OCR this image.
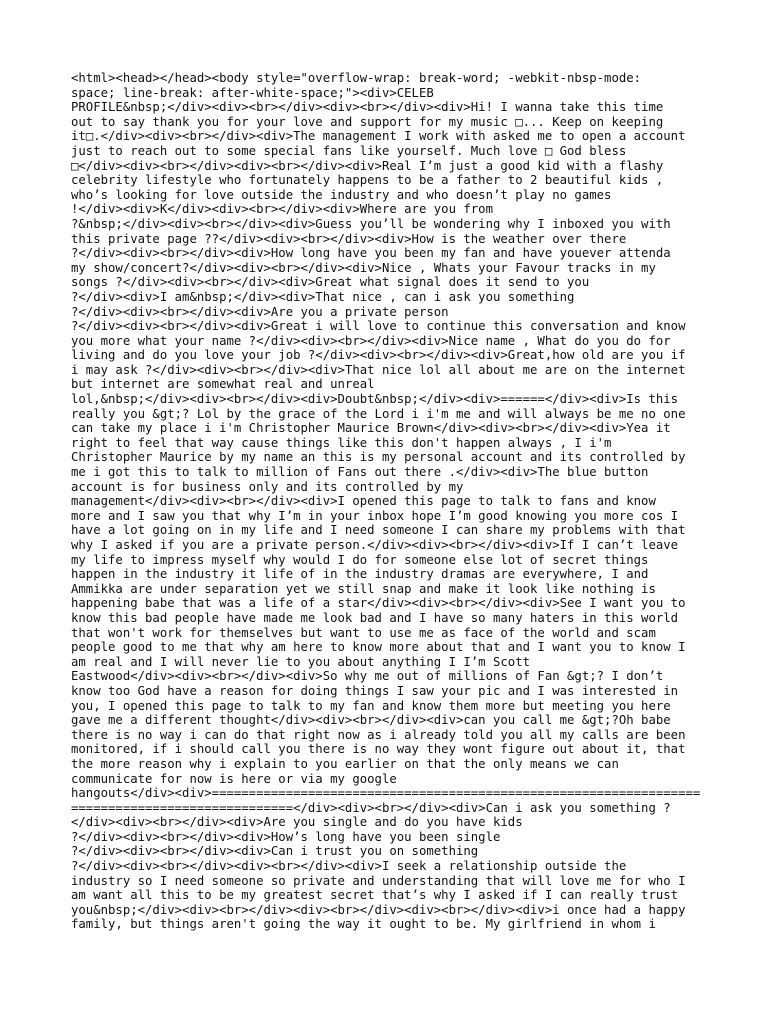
<html><head></head><body style="overflow-wrap: break-word; -webkit-nbsp-mode:
space; line-break: after-white-space;"><div>CELEB
PROFILE&nbsp;</div><div><br></div><div><br></div><div>Hi! I wanna take this time
out to say thank you for your love and support for my music □... Keep on keeping
it□.</div><div><br></div><div>The management I work with asked me to open a account
just to reach out to some special fans like yourself. Much love □ God bless
□</div><div><br></div><div><br></div><div>Real I’m just a good kid with a flashy
celebrity lifestyle who fortunately happens to be a father to 2 beautiful kids ,
who’s looking for love outside the industry and who doesn’t play no games
!</div><div>K</div><div><br></div><div>Where are you from
?&nbsp;</div><div><br></div><div>Guess you’ll be wondering why I inboxed you with
this private page ??</div><div><br></div><div>How is the weather over there
?</div><div><br></div><div>How long have you been my fan and have youever attenda
my show/concert?</div><div><br></div><div>Nice , Whats your Favour tracks in my
songs ?</div><div><br></div><div>Great what signal does it send to you
?</div><div>I am&nbsp;</div><div>That nice , can i ask you something
?</div><div><br></div><div>Are you a private person
?</div><div><br></div><div>Great i will love to continue this conversation and know
you more what your name ?</div><div><br></div><div>Nice name , What do you do for
living and do you love your job ?</div><div><br></div><div>Great,how old are you if
i may ask ?</div><div><br></div><div>That nice lol all about me are on the internet
but internet are somewhat real and unreal
lol,&nbsp;</div><div><br></div><div>Doubt&nbsp;</div><div>======</div><div>Is this
really you &gt;? Lol by the grace of the Lord i i'm me and will always be me no one
can take my place i i'm Christopher Maurice Brown</div><div><br></div><div>Yea it
right to feel that way cause things like this don't happen always , I i'm
Christopher Maurice by my name an this is my personal account and its controlled by
me i got this to talk to million of Fans out there .</div><div>The blue button
account is for business only and its controlled by my
management</div><div><br></div><div>I opened this page to talk to fans and know
more and I saw you that why I’m in your inbox hope I’m good knowing you more cos I
have a lot going on in my life and I need someone I can share my problems with that
why I asked if you are a private person.</div><div><br></div><div>If I can’t leave
my life to impress myself why would I do for someone else lot of secret things
happen in the industry it life of in the industry dramas are everywhere, I and
Ammikka are under separation yet we still snap and make it look like nothing is
happening babe that was a life of a star</div><div><br></div><div>See I want you to
know this bad people have made me look bad and I have so many haters in this world
that won't work for themselves but want to use me as face of the world and scam
people good to me that why am here to know more about that and I want you to know I
am real and I will never lie to you about anything I I’m Scott
Eastwood</div><div><br></div><div>So why me out of millions of Fan &gt;? I don’t
know too God have a reason for doing things I saw your pic and I was interested in
you, I opened this page to talk to my fan and know them more but meeting you here
gave me a different thought</div><div><br></div><div>can you call me &gt;?Oh babe
there is no way i can do that right now as i already told you all my calls are been
monitored, if i should call you there is no way they wont figure out about it, that
the more reason why i explain to you earlier on that the only means we can
communicate for now is here or via my google
hangouts</div><div>==================================================================
==============================</div><div><br></div><div>Can i ask you something ?
</div><div><br></div><div>Are you single and do you have kids
?</div><div><br></div><div>How’s long have you been single
?</div><div><br></div><div>Can i trust you on something
?</div><div><br></div><div><br></div><div>I seek a relationship outside the
industry so I need someone so private and understanding that will love me for who I
am want all this to be my greatest secret that’s why I asked if I can really trust
you&nbsp;</div><div><br></div><div><br></div><div><br></div><div>i once had a happy
family, but things aren't going the way it ought to be. My girlfriend in whom i
